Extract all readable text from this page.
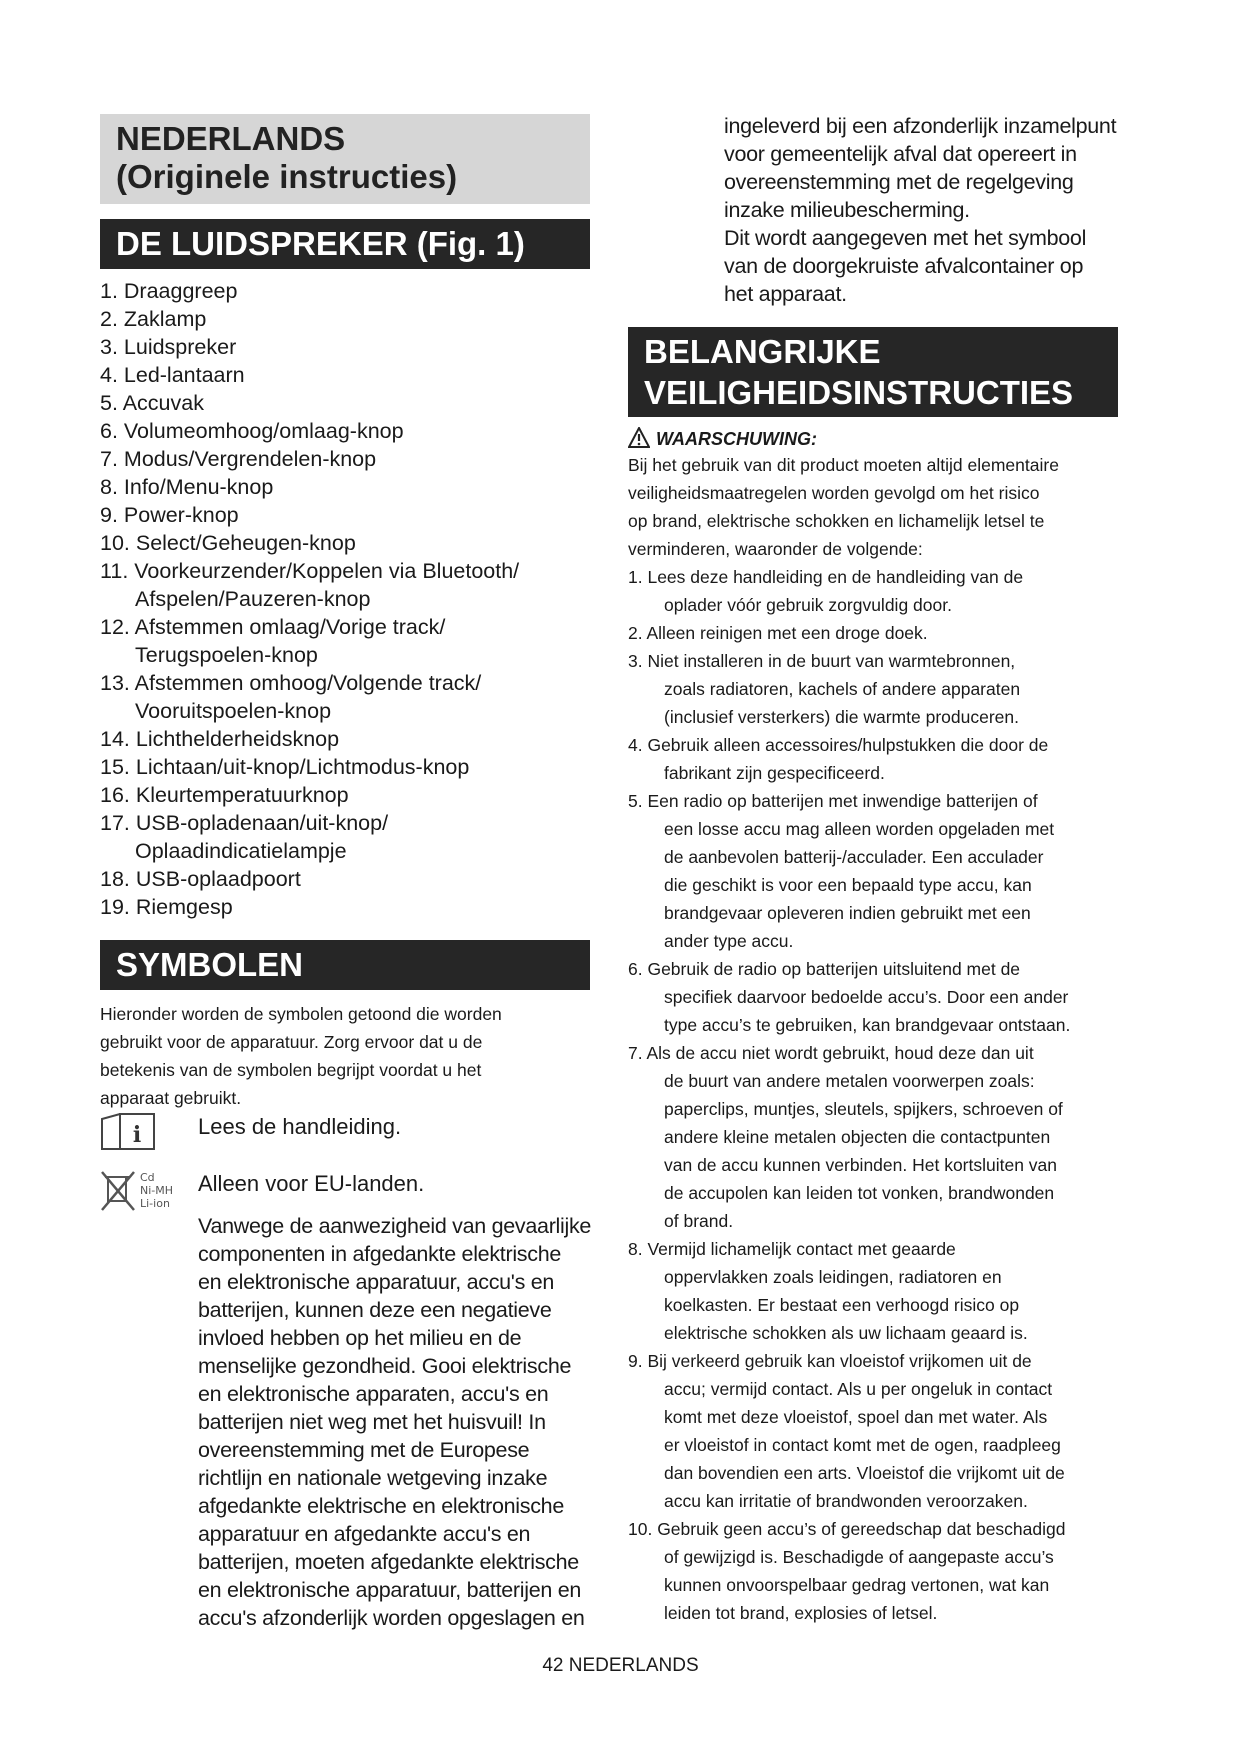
NEDERLANDS
(Originele instructies)
DE LUIDSPREKER (Fig. 1)
1. Draaggreep
2. Zaklamp
3. Luidspreker
4. Led-lantaarn
5. Accuvak
6. Volumeomhoog/omlaag-knop
7. Modus/Vergrendelen-knop
8. Info/Menu-knop
9. Power-knop
10. Select/Geheugen-knop
11. Voorkeurzender/Koppelen via Bluetooth/
Afspelen/Pauzeren-knop
12. Afstemmen omlaag/Vorige track/
Terugspoelen-knop
13. Afstemmen omhoog/Volgende track/
Vooruitspoelen-knop
14. Lichthelderheidsknop
15. Lichtaan/uit-knop/Lichtmodus-knop
16. Kleurtemperatuurknop
17. USB-opladenaan/uit-knop/
Oplaadindicatielampje
18. USB-oplaadpoort
19. Riemgesp
SYMBOLEN
Hieronder worden de symbolen getoond die worden
gebruikt voor de apparatuur. Zorg ervoor dat u de
betekenis van de symbolen begrijpt voordat u het
apparaat gebruikt.
i	Lees de handleiding.
Cd
Ni-MH
Li-ion
Alleen voor EU-landen.
Vanwege de aanwezigheid van gevaarlijke
componenten in afgedankte elektrische
en elektronische apparatuur, accu's en
batterijen, kunnen deze een negatieve
invloed hebben op het milieu en de
menselijke gezondheid. Gooi elektrische
en elektronische apparaten, accu's en
batterijen niet weg met het huisvuil! In
overeenstemming met de Europese
richtlijn en nationale wetgeving inzake
afgedankte elektrische en elektronische
apparatuur en afgedankte accu's en
batterijen, moeten afgedankte elektrische
en elektronische apparatuur, batterijen en
accu's afzonderlijk worden opgeslagen en
ingeleverd bij een afzonderlijk inzamelpunt
voor gemeentelijk afval dat opereert in
overeenstemming met de regelgeving
inzake milieubescherming.
Dit wordt aangegeven met het symbool
van de doorgekruiste afvalcontainer op
het apparaat.
BELANGRIJKE
VEILIGHEIDSINSTRUCTIES
WAARSCHUWING:
Bij het gebruik van dit product moeten altijd elementaire
veiligheidsmaatregelen worden gevolgd om het risico
op brand, elektrische schokken en lichamelijk letsel te
verminderen, waaronder de volgende:
1. Lees deze handleiding en de handleiding van de
oplader vóór gebruik zorgvuldig door.
2. Alleen reinigen met een droge doek.
3. Niet installeren in de buurt van warmtebronnen,
zoals radiatoren, kachels of andere apparaten
(inclusief versterkers) die warmte produceren.
4. Gebruik alleen accessoires/hulpstukken die door de
fabrikant zijn gespecificeerd.
5. Een radio op batterijen met inwendige batterijen of
een losse accu mag alleen worden opgeladen met
de aanbevolen batterij-/acculader. Een acculader
die geschikt is voor een bepaald type accu, kan
brandgevaar opleveren indien gebruikt met een
ander type accu.
6. Gebruik de radio op batterijen uitsluitend met de
specifiek daarvoor bedoelde accu’s. Door een ander
type accu’s te gebruiken, kan brandgevaar ontstaan.
7. Als de accu niet wordt gebruikt, houd deze dan uit
de buurt van andere metalen voorwerpen zoals:
paperclips, muntjes, sleutels, spijkers, schroeven of
andere kleine metalen objecten die contactpunten
van de accu kunnen verbinden. Het kortsluiten van
de accupolen kan leiden tot vonken, brandwonden
of brand.
8. Vermijd lichamelijk contact met geaarde
oppervlakken zoals leidingen, radiatoren en
koelkasten. Er bestaat een verhoogd risico op
elektrische schokken als uw lichaam geaard is.
9. Bij verkeerd gebruik kan vloeistof vrijkomen uit de
accu; vermijd contact. Als u per ongeluk in contact
komt met deze vloeistof, spoel dan met water. Als
er vloeistof in contact komt met de ogen, raadpleeg
dan bovendien een arts. Vloeistof die vrijkomt uit de
accu kan irritatie of brandwonden veroorzaken.
10. Gebruik geen accu’s of gereedschap dat beschadigd
of gewijzigd is. Beschadigde of aangepaste accu’s
kunnen onvoorspelbaar gedrag vertonen, wat kan
leiden tot brand, explosies of letsel.
42 NEDERLANDS
